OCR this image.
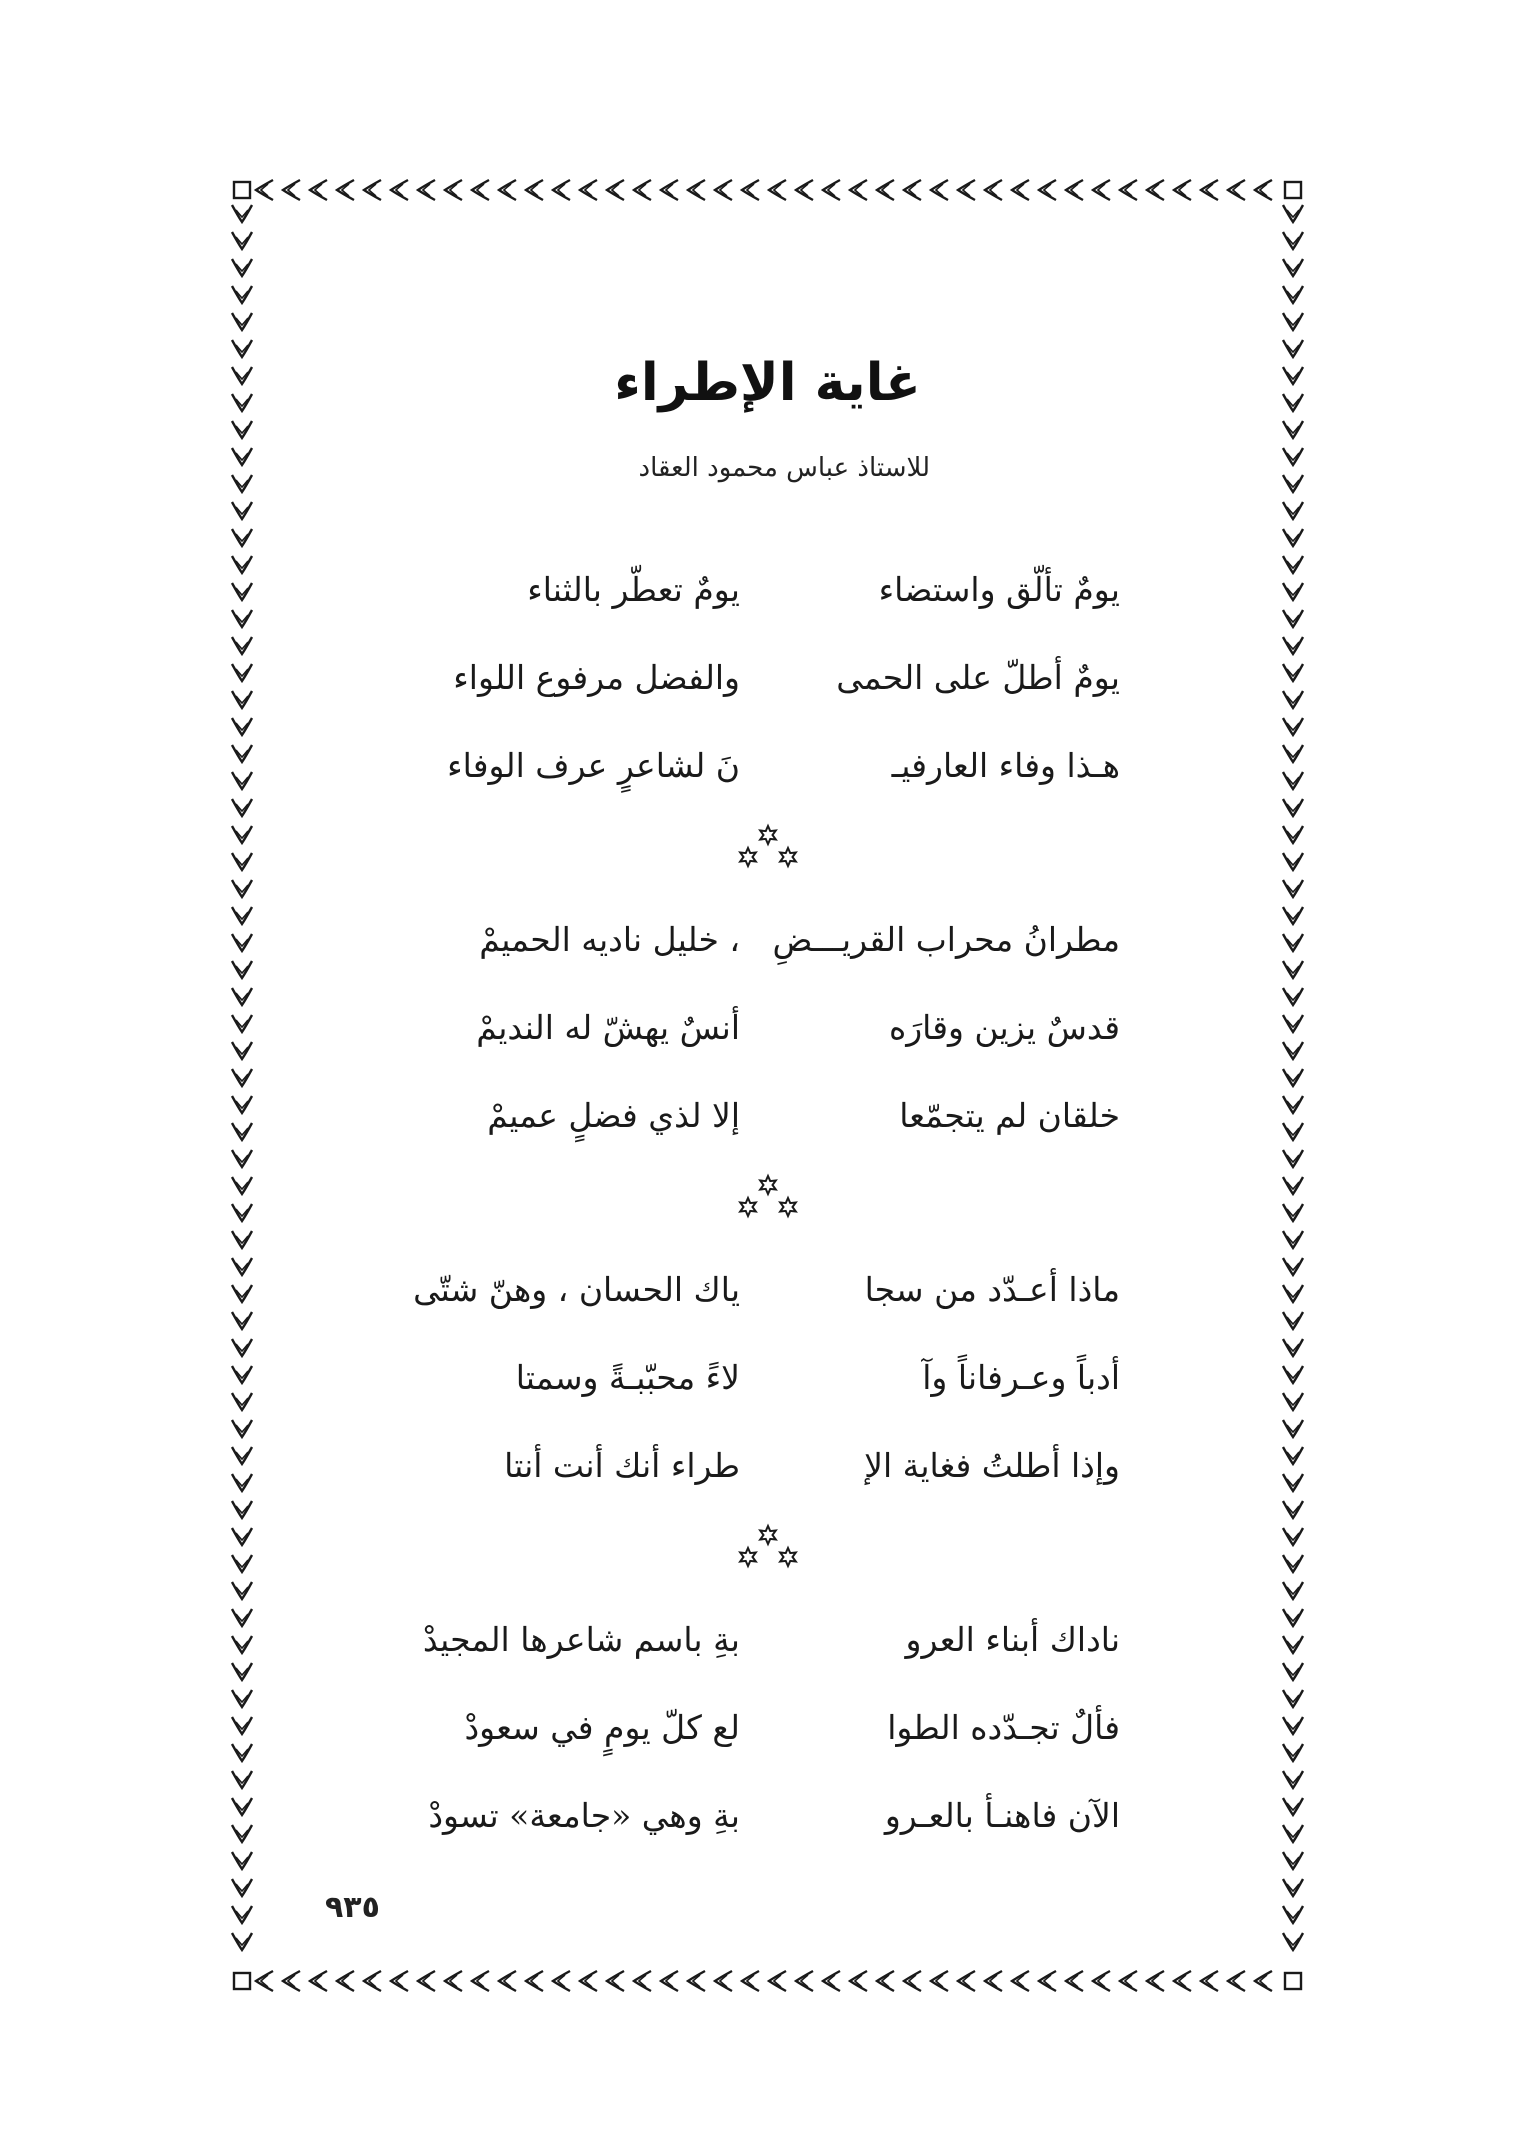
غاية الإطراء
للاستاذ عباس محمود العقاد
يومٌ تألّق واستضاء
يومٌ تعطّر بالثناء
يومٌ أطلّ على الحمى
والفضل مرفوع اللواء
هـذا وفاء العارفيـ
نَ لشاعرٍ عرف الوفاء
مطرانُ محراب القريـــضِ
، خليل ناديه الحميمْ
قدسٌ يزين وقارَه
أنسٌ يهشّ له النديمْ
خلقان لم يتجمّعا
إلا لذي فضلٍ عميمْ
ماذا أعـدّد من سجا
ياك الحسان ، وهنّ شتّى
أدباً وعـرفاناً وآ
لاءً محبّبـةً وسمتا
وإذا أطلتُ فغاية الإ
طراء أنك أنت أنتا
ناداك أبناء العرو
بةِ باسم شاعرها المجيدْ
فألٌ تجـدّده الطوا
لع كلّ يومٍ في سعودْ
الآن فاهنـأ بالعـرو
بةِ وهي «جامعة» تسودْ
٩٣٥
